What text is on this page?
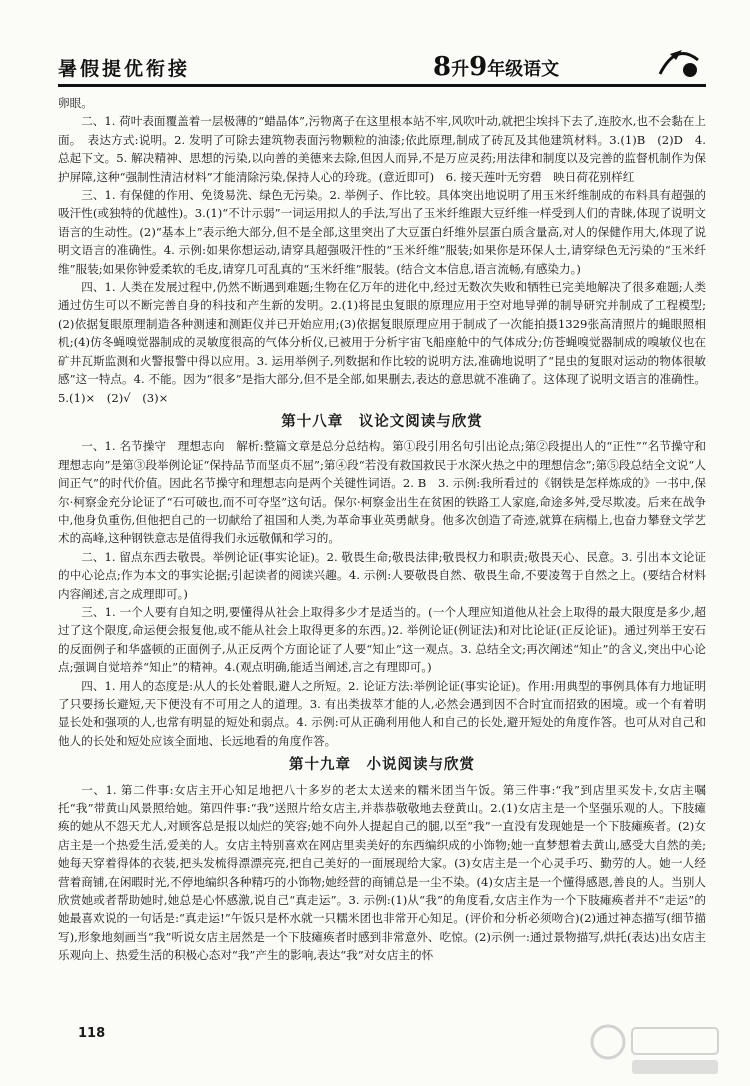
暑假提优衔接	8升9年级语文

卵眼。

二、1. 荷叶表面覆盖着一层极薄的“蜡晶体”,污物离子在这里根本站不牢,风吹叶动,就把尘埃抖下去了,连胶水,也不会黏在上面。　表达方式:说明。2. 发明了可除去建筑物表面污物颗粒的油漆;依此原理,制成了砖瓦及其他建筑材料。3.(1)B　(2)D　4. 总起下文。5. 解决精神、思想的污染,以向善的美德来去除,但因人而异,不是万应灵药;用法律和制度以及完善的监督机制作为保护屏障,这种“强制性清洁材料”才能清除污染,保持人心的玲珑。(意近即可)　6. 接天莲叶无穷碧　映日荷花别样红

三、1. 有保健的作用、免烫易洗、绿色无污染。2. 举例子、作比较。具体突出地说明了用玉米纤维制成的布料具有超强的吸汗性(或独特的优越性)。3.(1)“不计示弱”一词运用拟人的手法,写出了玉米纤维跟大豆纤维一样受到人们的青睐,体现了说明文语言的生动性。(2)“基本上”表示绝大部分,但不是全部,这里突出了大豆蛋白纤维外层蛋白质含量高,对人的保健作用大,体现了说明文语言的准确性。4. 示例:如果你想运动,请穿具超强吸汗性的“玉米纤维”服装;如果你是环保人士,请穿绿色无污染的“玉米纤维”服装;如果你钟爱柔软的毛皮,请穿几可乱真的“玉米纤维”服装。(结合文本信息,语言流畅,有感染力。)

四、1. 人类在发展过程中,仍然不断遇到难题;生物在亿万年的进化中,经过无数次失败和牺牲已完美地解决了很多难题;人类通过仿生可以不断完善自身的科技和产生新的发明。2.(1)将昆虫复眼的原理应用于空对地导弹的制导研究并制成了工程模型;(2)依据复眼原理制造各种测速和测距仪并已开始应用;(3)依据复眼原理应用于制成了一次能拍摄1329张高清照片的蝇眼照相机;(4)仿冬蝇嗅觉器制成的灵敏度很高的气体分析仪,已被用于分析宇宙飞船座舱中的气体成分;仿苍蝇嗅觉器制成的嗅敏仪也在矿井瓦斯监测和火警报警中得以应用。3. 运用举例子,列数据和作比较的说明方法,准确地说明了“昆虫的复眼对运动的物体很敏感”这一特点。4. 不能。因为“很多”是指大部分,但不是全部,如果删去,表达的意思就不准确了。这体现了说明文语言的准确性。5.(1)×　(2)√　(3)×

第十八章　议论文阅读与欣赏

一、1. 名节操守　理想志向　解析:整篇文章是总分总结构。第①段引用名句引出论点;第②段提出人的“正性”“名节操守和理想志向”是第③段举例论证“保持品节而坚贞不屈”;第④段“若没有救国救民于水深火热之中的理想信念”;第⑤段总结全文说“人间正气”的时代价值。因此名节操守和理想志向是两个关键性词语。2. B　3. 示例:我所看过的《钢铁是怎样炼成的》一书中,保尔·柯察金充分论证了“石可破也,而不可夺坚”这句话。保尔·柯察金出生在贫困的铁路工人家庭,命途多舛,受尽欺凌。后来在战争中,他身负重伤,但他把自己的一切献给了祖国和人类,为革命事业英勇献身。他多次创造了奇迹,就算在病榻上,也奋力攀登文学艺术的高峰,这种钢铁意志是值得我们永远敬佩和学习的。

二、1. 留点东西去敬畏。举例论证(事实论证)。2. 敬畏生命;敬畏法律;敬畏权力和职责;敬畏天心、民意。3. 引出本文论证的中心论点;作为本文的事实论据;引起读者的阅读兴趣。4. 示例:人要敬畏自然、敬畏生命,不要凌驾于自然之上。(要结合材料内容阐述,言之成理即可。)

三、1. 一个人要有自知之明,要懂得从社会上取得多少才是适当的。(一个人理应知道他从社会上取得的最大限度是多少,超过了这个限度,命运便会报复他,或不能从社会上取得更多的东西。)2. 举例论证(例证法)和对比论证(正反论证)。通过列举王安石的反面例子和华盛顿的正面例子,从正反两个方面论证了人要“知止”这一观点。3. 总结全文;再次阐述“知止”的含义,突出中心论点;强调自觉培养“知止”的精神。4.(观点明确,能适当阐述,言之有理即可。)

四、1. 用人的态度是:从人的长处着眼,避人之所短。2. 论证方法:举例论证(事实论证)。作用:用典型的事例具体有力地证明了只要扬长避短,天下便没有不可用之人的道理。3. 有出类拔萃才能的人,必然会遇到因不合时宜而招致的困境。或一个有着明显长处和强项的人,也常有明显的短处和弱点。4. 示例:可从正确利用他人和自己的长处,避开短处的角度作答。也可从对自己和他人的长处和短处应该全面地、长远地看的角度作答。

第十九章　小说阅读与欣赏

一、1. 第二件事:女店主开心知足地把八十多岁的老太太送来的糯米团当午饭。第三件事:“我”到店里买发卡,女店主嘱托“我”带黄山风景照给她。第四件事:“我”送照片给女店主,并恭恭敬敬地去登黄山。2.(1)女店主是一个坚强乐观的人。下肢瘫痪的她从不怨天尤人,对顾客总是报以灿烂的笑容;她不向外人提起自己的腿,以至“我”一直没有发现她是一个下肢瘫痪者。(2)女店主是一个热爱生活,爱美的人。女店主特别喜欢在网店里卖美好的东西编织成的小饰物;她一直梦想着去黄山,感受大自然的美;她每天穿着得体的衣装,把头发梳得漂漂亮亮,把自己美好的一面展现给大家。(3)女店主是一个心灵手巧、勤劳的人。她一人经营着商铺,在闲暇时光,不停地编织各种精巧的小饰物;她经营的商铺总是一尘不染。(4)女店主是一个懂得感恩,善良的人。当别人欣赏她或者帮助她时,她总是心怀感激,说自己“真走运”。3. 示例:(1)从“我”的角度看,女店主作为一个下肢瘫痪者并不“走运”的她最喜欢说的一句话是:“真走运!”午饭只是杯水就一只糯米团也非常开心知足。(评价和分析必须吻合)(2)通过神态描写(细节描写),形象地刻画当“我”听说女店主居然是一个下肢瘫痪者时感到非常意外、吃惊。(2)示例一:通过景物描写,烘托(表达)出女店主乐观向上、热爱生活的积极心态对“我”产生的影响,表达“我”对女店主的怀

118
